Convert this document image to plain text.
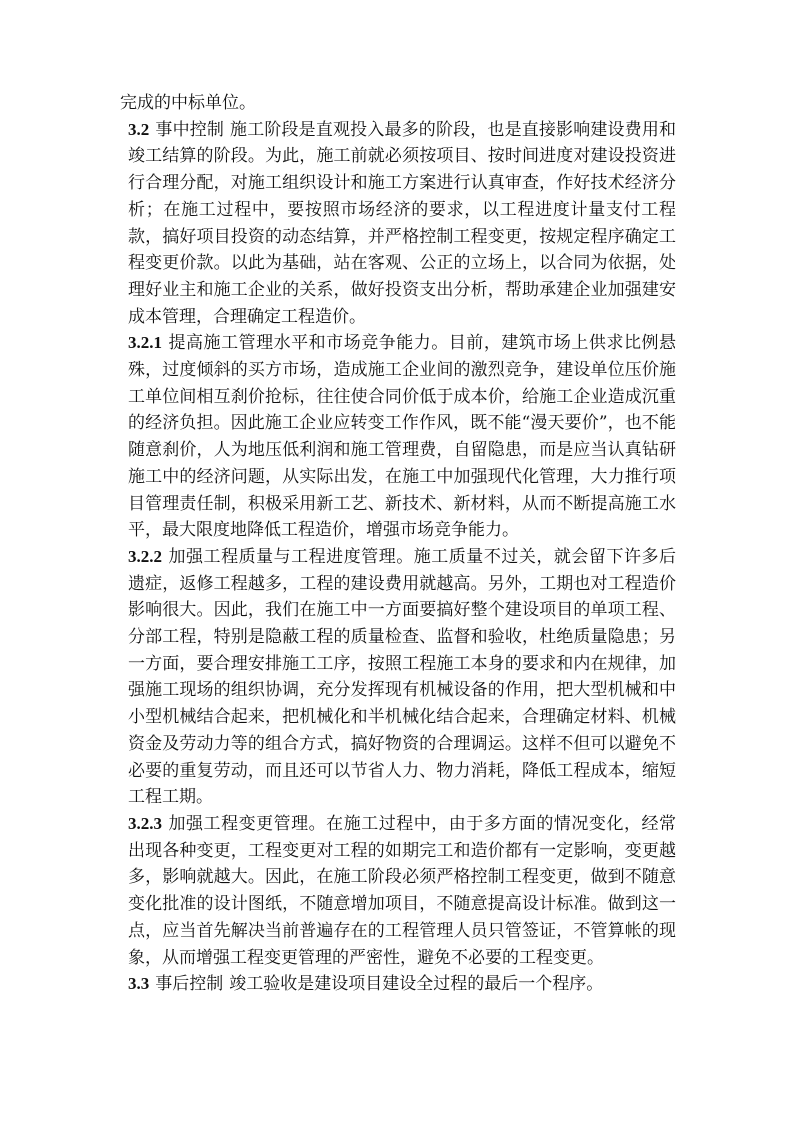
完成的中标单位。

3.2 事中控制 施工阶段是直观投入最多的阶段，也是直接影响建设费用和竣工结算的阶段。为此，施工前就必须按项目、按时间进度对建设投资进行合理分配，对施工组织设计和施工方案进行认真审查，作好技术经济分析；在施工过程中，要按照市场经济的要求，以工程进度计量支付工程款，搞好项目投资的动态结算，并严格控制工程变更，按规定程序确定工程变更价款。以此为基础，站在客观、公正的立场上，以合同为依据，处理好业主和施工企业的关系，做好投资支出分析，帮助承建企业加强建安成本管理，合理确定工程造价。

3.2.1 提高施工管理水平和市场竞争能力。目前，建筑市场上供求比例悬殊，过度倾斜的买方市场，造成施工企业间的激烈竞争，建设单位压价施工单位间相互刹价抢标，往往使合同价低于成本价，给施工企业造成沉重的经济负担。因此施工企业应转变工作作风，既不能“漫天要价”，也不能随意刹价，人为地压低利润和施工管理费，自留隐患，而是应当认真钻研施工中的经济问题，从实际出发，在施工中加强现代化管理，大力推行项目管理责任制，积极采用新工艺、新技术、新材料，从而不断提高施工水平，最大限度地降低工程造价，增强市场竞争能力。

3.2.2 加强工程质量与工程进度管理。施工质量不过关，就会留下许多后遗症，返修工程越多，工程的建设费用就越高。另外，工期也对工程造价影响很大。因此，我们在施工中一方面要搞好整个建设项目的单项工程、分部工程，特别是隐蔽工程的质量检查、监督和验收，杜绝质量隐患；另一方面，要合理安排施工工序，按照工程施工本身的要求和内在规律，加强施工现场的组织协调，充分发挥现有机械设备的作用，把大型机械和中小型机械结合起来，把机械化和半机械化结合起来，合理确定材料、机械资金及劳动力等的组合方式，搞好物资的合理调运。这样不但可以避免不必要的重复劳动，而且还可以节省人力、物力消耗，降低工程成本，缩短工程工期。

3.2.3 加强工程变更管理。在施工过程中，由于多方面的情况变化，经常出现各种变更，工程变更对工程的如期完工和造价都有一定影响，变更越多，影响就越大。因此，在施工阶段必须严格控制工程变更，做到不随意变化批准的设计图纸，不随意增加项目，不随意提高设计标准。做到这一点，应当首先解决当前普遍存在的工程管理人员只管签证，不管算帐的现象，从而增强工程变更管理的严密性，避免不必要的工程变更。

3.3 事后控制 竣工验收是建设项目建设全过程的最后一个程序。
